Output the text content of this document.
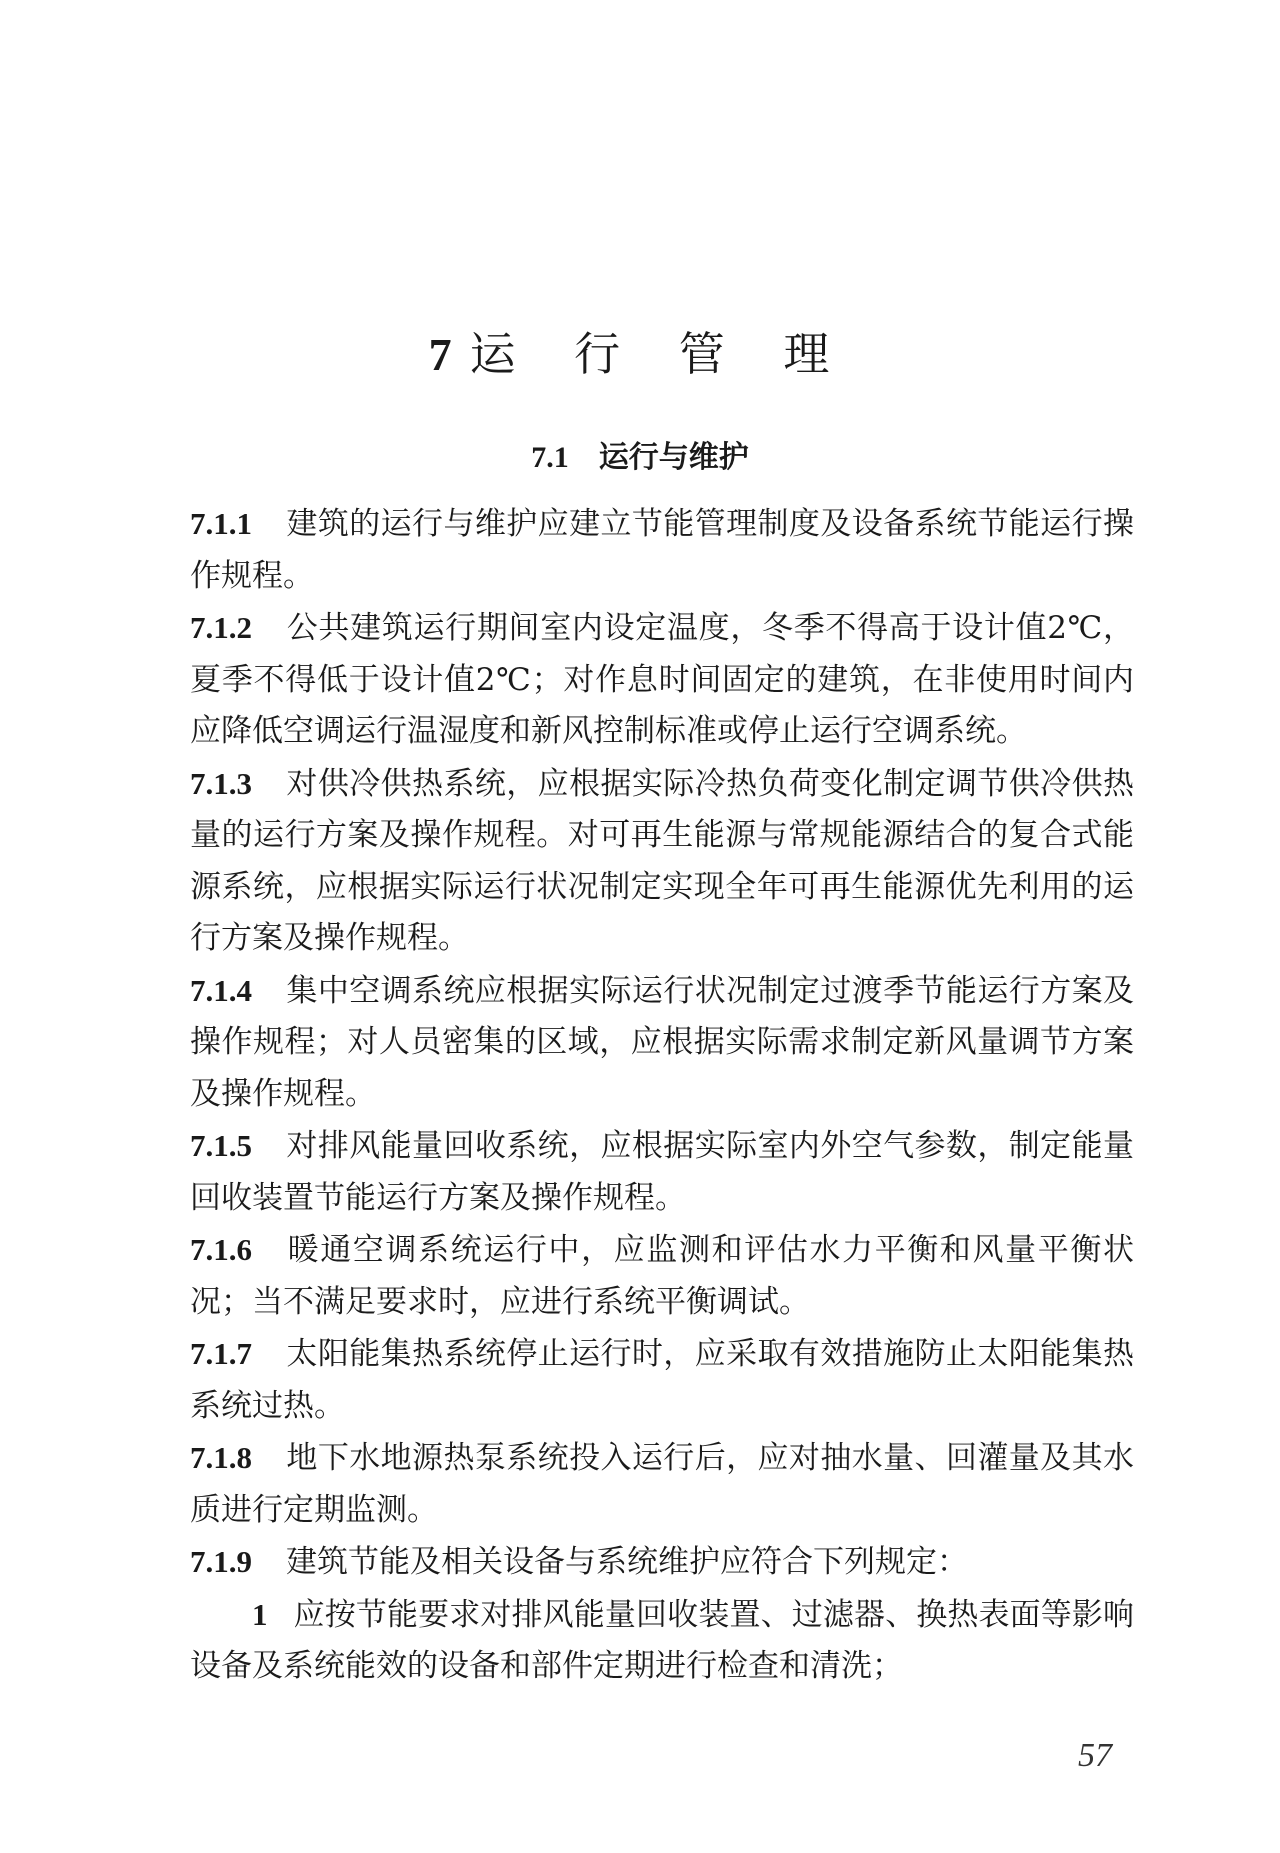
7 运 行 管 理
7.1 运行与维护

7.1.1 建筑的运行与维护应建立节能管理制度及设备系统节能运行操作规程。

7.1.2 公共建筑运行期间室内设定温度，冬季不得高于设计值2℃，夏季不得低于设计值2℃；对作息时间固定的建筑，在非使用时间内应降低空调运行温湿度和新风控制标准或停止运行空调系统。

7.1.3 对供冷供热系统，应根据实际冷热负荷变化制定调节供冷供热量的运行方案及操作规程。对可再生能源与常规能源结合的复合式能源系统，应根据实际运行状况制定实现全年可再生能源优先利用的运行方案及操作规程。

7.1.4 集中空调系统应根据实际运行状况制定过渡季节能运行方案及操作规程；对人员密集的区域，应根据实际需求制定新风量调节方案及操作规程。

7.1.5 对排风能量回收系统，应根据实际室内外空气参数，制定能量回收装置节能运行方案及操作规程。

7.1.6 暖通空调系统运行中，应监测和评估水力平衡和风量平衡状况；当不满足要求时，应进行系统平衡调试。

7.1.7 太阳能集热系统停止运行时，应采取有效措施防止太阳能集热系统过热。

7.1.8 地下水地源热泵系统投入运行后，应对抽水量、回灌量及其水质进行定期监测。

7.1.9 建筑节能及相关设备与系统维护应符合下列规定：

1 应按节能要求对排风能量回收装置、过滤器、换热表面等影响设备及系统能效的设备和部件定期进行检查和清洗；

57
